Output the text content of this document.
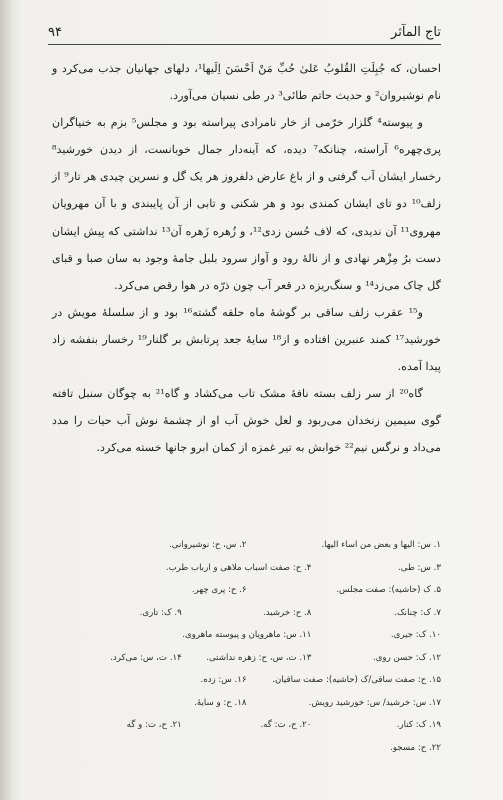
تاج المآثر
۹۴

احسان، که جُبِلَتِ القُلوبُ عَلیٰ حُبِّ مَنْ اَحْسَنَ اِلَیها¹، دلهای جهانیان جذب می‌کرد و نام نوشیروان² و حدیث حاتم طائی³ در طی نسیان می‌آورد.

و پیوسته⁴ گلزار خرّمی از خار نامرادی پیراسته بود و مجلس⁵ بزم به خنیاگران پری‌چهره⁶ آراسته، چنانکه⁷ دیده، که آینه‌دار جمال خوبانست، از دیدن خورشید⁸ رخسار ایشان آب گرفتی و از باغ عارض دلفروز هر یک گل و نسرین چیدی هر تار⁹ از زلف¹⁰ دو تای ایشان کمندی بود و هر شکنی و تابی از آن پایبندی و با آن مهرویان مهروی¹¹ آن ندیدی، که لاف حُسن زدی¹²، و زُهره زَهره آن¹³ نداشتی که پیش ایشان دست برُ مِزْهر نهادی و از نالهٔ رود و آواز سرود بلبل جامهٔ وجود به سان صبا و قبای گل چاک می‌زد¹⁴ و سنگ‌ریزه در قعر آب چون ذرّه در هوا رقص می‌کرد.

و¹⁵ عقرب زلف ساقی بر گوشهٔ ماه حلقه گشته¹⁶ بود و از سلسلهٔ مویش در خورشید¹⁷ کمند عنبرین افتاده و از¹⁸ سایهٔ جعد پرتابش بر گلنار¹⁹ رخسار بنفشه زاد پیدا آمده.

گاه²⁰ از سر زلف بسته نافهٔ مشک تاب می‌کشاد و گاه²¹ به چوگان سنبل تافته گوی سیمین زنخدان می‌ربود و لعل خوش آب او از چشمهٔ نوش آب حیات را مدد می‌داد و نرگس نیم²² خوابش به تیر غمزه از کمان ابرو جانها خسته می‌کرد.

۱. س: الیها و بعض من اساء الیها.
۲. س، ح: نوشیروانی.
۳. س: طی.
۴. ح: صفت اسباب ملاهی و ارباب طرب.
۵. ک (حاشیه): صفت مجلس.
۶. ح: پری چهر.
۷. ک: چنانک.
۸. ح: خرشید.
۹. ک: تاری.
۱۰. ک: جیری.
۱۱. س: ماهرویان و پیوسته ماهروی.
۱۲. ک: حسن روی.
۱۳. ت، س، ح: زهره نداشتی.
۱۴. ت، س: می‌کرد.
۱۵. ح: صفت ساقی/ک (حاشیه): صفت ساقیان.
۱۶. س: زده.
۱۷. س: خرشید/ س: خورشید رویش.
۱۸. ح: و سایهٔ.
۱۹. ک: کنار.
۲۰. ح، ت: گه.
۲۱. ح، ت: و گه
۲۲. ح: مسجو.
